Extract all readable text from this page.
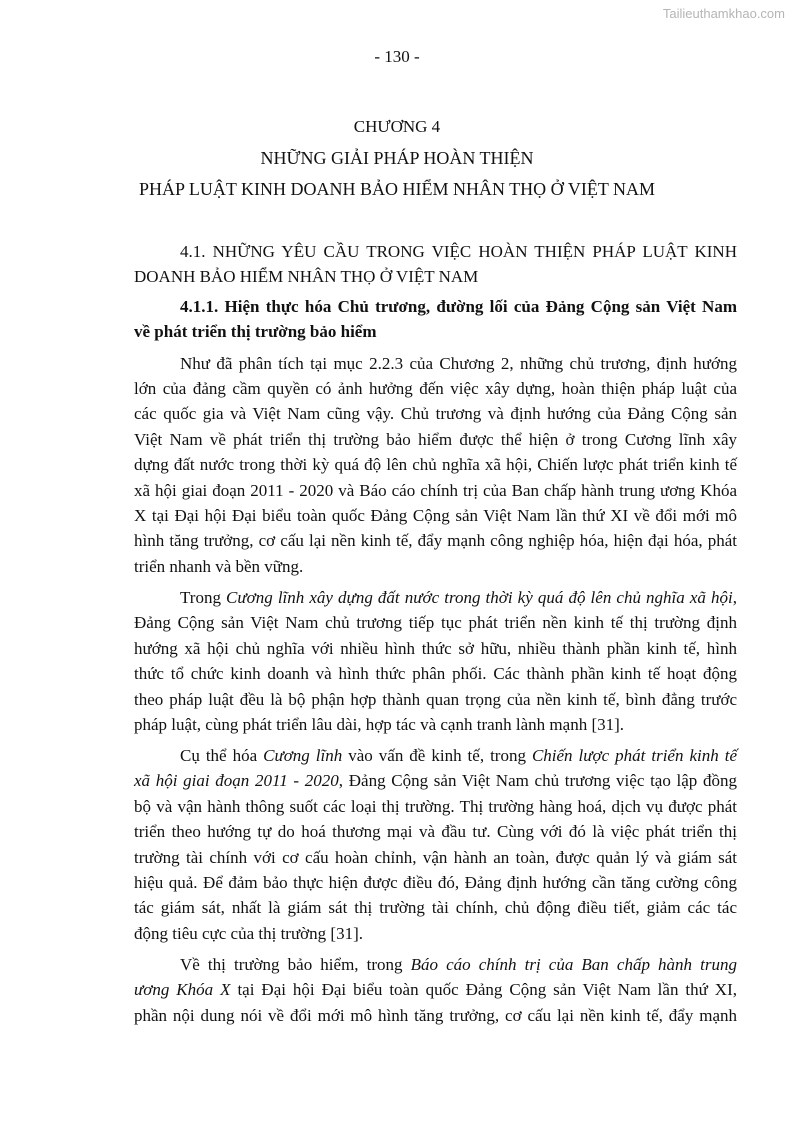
Tailieuthamkhao.com
- 130 -
CHƯƠNG 4
NHỮNG GIẢI PHÁP HOÀN THIỆN
PHÁP LUẬT KINH DOANH BẢO HIỂM NHÂN THỌ Ở VIỆT NAM
4.1. NHỮNG YÊU CẦU TRONG VIỆC HOÀN THIỆN PHÁP LUẬT KINH
DOANH BẢO HIỂM NHÂN THỌ Ở VIỆT NAM
4.1.1. Hiện thực hóa Chủ trương, đường lối của Đảng Cộng sản Việt Nam
về phát triển thị trường bảo hiểm
Như đã phân tích tại mục 2.2.3 của Chương 2, những chủ trương, định hướng
lớn của đảng cầm quyền có ảnh hưởng đến việc xây dựng, hoàn thiện pháp luật của
các quốc gia và Việt Nam cũng vậy. Chủ trương và định hướng của Đảng Cộng sản
Việt Nam về phát triển thị trường bảo hiểm được thể hiện ở trong Cương lĩnh xây
dựng đất nước trong thời kỳ quá độ lên chủ nghĩa xã hội, Chiến lược phát triển kinh tế
xã hội giai đoạn 2011 - 2020 và Báo cáo chính trị của Ban chấp hành trung ương Khóa
X tại Đại hội Đại biểu toàn quốc Đảng Cộng sản Việt Nam lần thứ XI về đổi mới mô
hình tăng trưởng, cơ cấu lại nền kinh tế, đẩy mạnh công nghiệp hóa, hiện đại hóa, phát
triển nhanh và bền vững.
Trong Cương lĩnh xây dựng đất nước trong thời kỳ quá độ lên chủ nghĩa xã hội,
Đảng Cộng sản Việt Nam chủ trương tiếp tục phát triển nền kinh tế thị trường định
hướng xã hội chủ nghĩa với nhiều hình thức sở hữu, nhiều thành phần kinh tế, hình
thức tổ chức kinh doanh và hình thức phân phối. Các thành phần kinh tế hoạt động
theo pháp luật đều là bộ phận hợp thành quan trọng của nền kinh tế, bình đẳng trước
pháp luật, cùng phát triển lâu dài, hợp tác và cạnh tranh lành mạnh [31].
Cụ thể hóa Cương lĩnh vào vấn đề kinh tế, trong Chiến lược phát triển kinh tế
xã hội giai đoạn 2011 - 2020, Đảng Cộng sản Việt Nam chủ trương việc tạo lập đồng
bộ và vận hành thông suốt các loại thị trường. Thị trường hàng hoá, dịch vụ được phát
triển theo hướng tự do hoá thương mại và đầu tư. Cùng với đó là việc phát triển thị
trường tài chính với cơ cấu hoàn chỉnh, vận hành an toàn, được quản lý và giám sát
hiệu quả. Để đảm bảo thực hiện được điều đó, Đảng định hướng cần tăng cường công
tác giám sát, nhất là giám sát thị trường tài chính, chủ động điều tiết, giảm các tác
động tiêu cực của thị trường [31].
Về thị trường bảo hiểm, trong Báo cáo chính trị của Ban chấp hành trung
ương Khóa X tại Đại hội Đại biểu toàn quốc Đảng Cộng sản Việt Nam lần thứ XI,
phần nội dung nói về đổi mới mô hình tăng trưởng, cơ cấu lại nền kinh tế, đẩy mạnh
